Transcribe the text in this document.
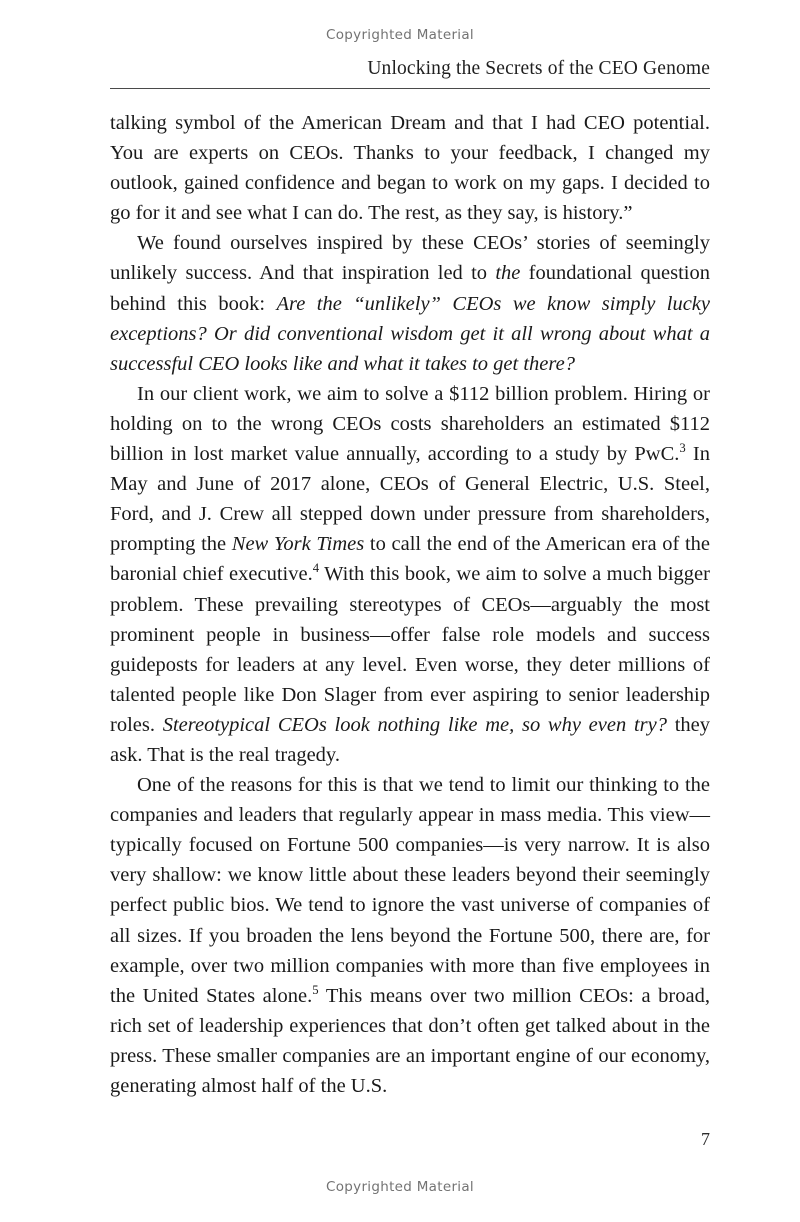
Copyrighted Material
Unlocking the Secrets of the CEO Genome

talking symbol of the American Dream and that I had CEO potential. You are experts on CEOs. Thanks to your feedback, I changed my outlook, gained confidence and began to work on my gaps. I decided to go for it and see what I can do. The rest, as they say, is history.”

We found ourselves inspired by these CEOs’ stories of seemingly unlikely success. And that inspiration led to the foundational question behind this book: Are the “unlikely” CEOs we know simply lucky exceptions? Or did conventional wisdom get it all wrong about what a successful CEO looks like and what it takes to get there?

In our client work, we aim to solve a $112 billion problem. Hiring or holding on to the wrong CEOs costs shareholders an estimated $112 billion in lost market value annually, according to a study by PwC.$^3$ In May and June of 2017 alone, CEOs of General Electric, U.S. Steel, Ford, and J. Crew all stepped down under pressure from shareholders, prompting the New York Times to call the end of the American era of the baronial chief executive.$^4$ With this book, we aim to solve a much bigger problem. These prevailing stereotypes of CEOs—arguably the most prominent people in business—offer false role models and success guideposts for leaders at any level. Even worse, they deter millions of talented people like Don Slager from ever aspiring to senior leadership roles. Stereotypical CEOs look nothing like me, so why even try? they ask. That is the real tragedy.

One of the reasons for this is that we tend to limit our thinking to the companies and leaders that regularly appear in mass media. This view—typically focused on Fortune 500 companies—is very narrow. It is also very shallow: we know little about these leaders beyond their seemingly perfect public bios. We tend to ignore the vast universe of companies of all sizes. If you broaden the lens beyond the Fortune 500, there are, for example, over two million companies with more than five employees in the United States alone.$^5$ This means over two million CEOs: a broad, rich set of leadership experiences that don’t often get talked about in the press. These smaller companies are an important engine of our economy, generating almost half of the U.S.

7
Copyrighted Material
